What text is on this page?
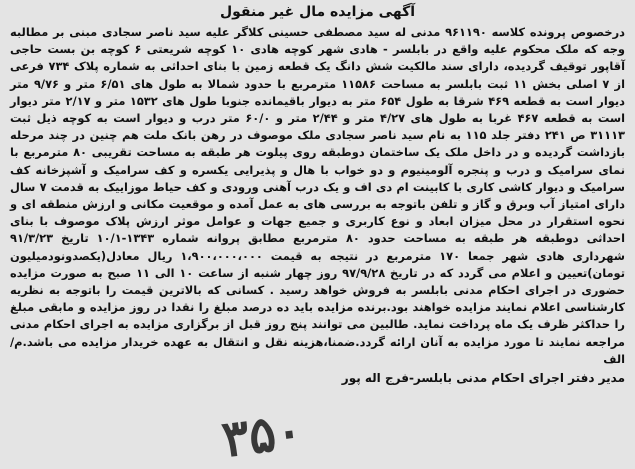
آگهی مزایده مال غیر منقول

درخصوص پرونده کلاسه ۹۶۱۱۹۰ مدنی له سید مصطفی حسینی کلاگر علیه سید ناصر سجادی مبنی بر مطالبه وجه که ملک محکوم علیه واقع در بابلسر - هادی شهر کوچه هادی ۱۰ کوچه شریعتی ۶ کوچه بن بست حاجی آقاپور توقیف گردیده، دارای سند مالکیت شش دانگ یک قطعه زمین با بنای احداثی به شماره پلاک ۷۳۴ فرعی از ۷ اصلی بخش ۱۱ ثبت بابلسر به مساحت ۱۱۵۸۶ مترمربع با حدود شمالا به طول های ۶/۵۱ متر و ۹/۷۶ متر دیوار است به قطعه ۴۶۹ شرقا به طول ۶۵۴ متر به دیوار باقیمانده جنوبا طول های ۱۵۳۲ متر و ۲/۱۷ متر دیوار است به قطعه ۴۶۷ غربا به طول های ۴/۲۷ متر و ۲/۴۴ متر و ۶۰/۰ متر درب و دیوار است به کوچه ذیل ثبت ۳۱۱۱۳ ص ۲۴۱ دفتر جلد ۱۱۵ به نام سید ناصر سجادی ملک موصوف در رهن بانک ملت هم چنین در چند مرحله بازداشت گردیده و در داخل ملک یک ساختمان دوطبقه روی پیلوت هر طبقه به مساحت تقریبی ۸۰ مترمربع با نمای سرامیک و درب و پنجره آلومینیوم و دو خواب با هال و پذیرایی یکسره و کف سرامیک و آشپزخانه کف سرامیک و دیوار کاشی کاری با کابینت ام دی اف و یک درب آهنی ورودی و کف حیاط موزاییک به قدمت ۷ سال دارای امتیاز آب وبرق و گاز و تلفن باتوجه به بررسی های به عمل آمده و موقعیت مکانی و ارزش منطقه ای و نحوه استقرار در محل میزان ابعاد و نوع کاربری و جمیع جهات و عوامل موثر ارزش پلاک موصوف با بنای احداثی دوطبقه هر طبقه به مساحت حدود ۸۰ مترمربع مطابق پروانه شماره ۱۳۴۳-۱۰/۱ تاریخ ۹۱/۳/۲۳ شهرداری هادی شهر جمعا ۱۷۰ مترمربع در نتیجه به قیمت ۱،۹۰۰،۰۰۰،۰۰۰ ریال معادل(یکصدونودمیلیون تومان)تعیین و اعلام می گردد که در تاریخ ۹۷/۹/۲۸ روز چهار شنبه از ساعت ۱۰ الی ۱۱ صبح به صورت مزایده حضوری در اجرای احکام مدنی بابلسر به فروش خواهد رسید . کسانی که بالاترین قیمت را باتوجه به نظریه کارشناسی اعلام نمایند مزایده خواهند بود.برنده مزایده باید ده درصد مبلغ را نقدا در روز مزایده و مابقی مبلغ را حداکثر ظرف یک ماه پرداخت نماید. طالبین می توانند پنج روز قبل از برگزاری مزایده به اجرای احکام مدنی مراجعه نمایند تا مورد مزایده به آنان ارائه گردد.ضمنا،هزینه نقل و انتقال به عهده خریدار مزایده می باشد.م/الف

مدیر دفتر اجرای احکام مدنی بابلسر-فرج اله پور
۳۵۰
